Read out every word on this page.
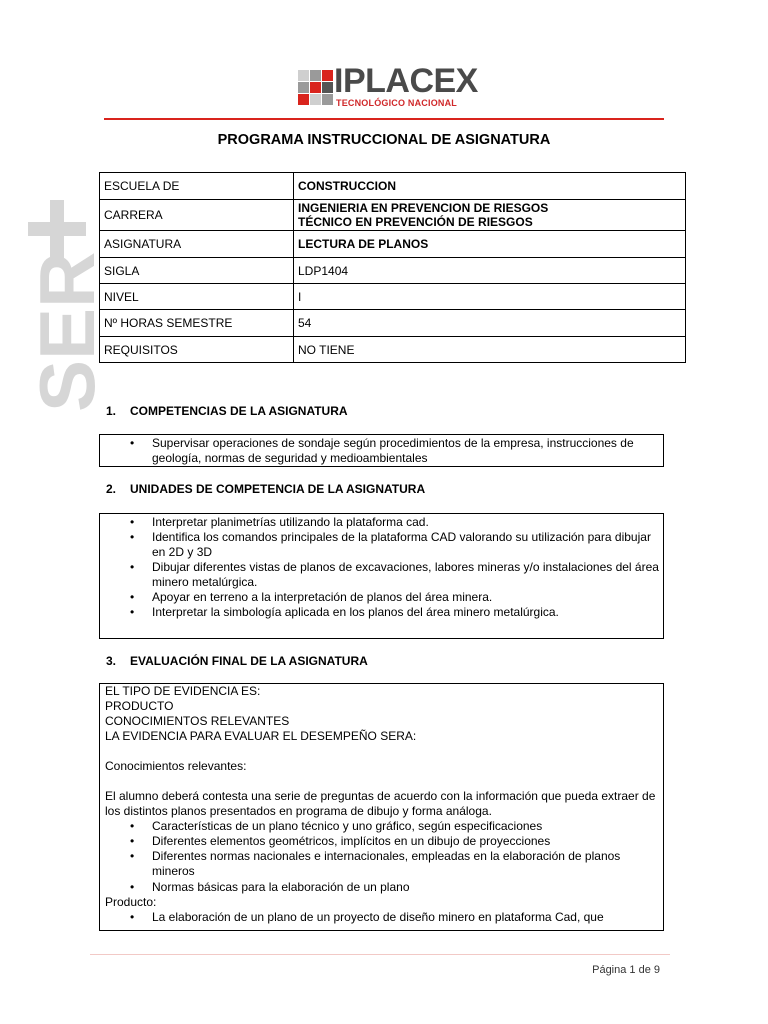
SER
IPLACEX
TECNOLÓGICO NACIONAL
PROGRAMA INSTRUCCIONAL DE ASIGNATURA
ESCUELA DE	CONSTRUCCION
CARRERA	INGENIERIA EN PREVENCION DE RIESGOS
TÉCNICO EN PREVENCIÓN DE RIESGOS

ASIGNATURA	LECTURA DE PLANOS
SIGLA	LDP1404
NIVEL	I
Nº HORAS SEMESTRE	54
REQUISITOS	NO TIENE
1. COMPETENCIAS DE LA ASIGNATURA
• Supervisar operaciones de sondaje según procedimientos de la empresa, instrucciones de geología, normas de seguridad y medioambientales
2. UNIDADES DE COMPETENCIA DE LA ASIGNATURA
• Interpretar planimetrías utilizando la plataforma cad.
• Identifica los comandos principales de la plataforma CAD valorando su utilización para dibujar en 2D y 3D
• Dibujar diferentes vistas de planos de excavaciones, labores mineras y/o instalaciones del área minero metalúrgica.
• Apoyar en terreno a la interpretación de planos del área minera.
• Interpretar la simbología aplicada en los planos del área minero metalúrgica.
3. EVALUACIÓN FINAL DE LA ASIGNATURA

EL TIPO DE EVIDENCIA ES:

PRODUCTO

CONOCIMIENTOS RELEVANTES

LA EVIDENCIA PARA EVALUAR EL DESEMPEÑO SERA:

Conocimientos relevantes:

El alumno deberá contesta una serie de preguntas de acuerdo con la información que pueda extraer de los distintos planos presentados en programa de dibujo y forma análoga.

• Características de un plano técnico y uno gráfico, según especificaciones
• Diferentes elementos geométricos, implícitos en un dibujo de proyecciones
• Diferentes normas nacionales e internacionales, empleadas en la elaboración de planos mineros
• Normas básicas para la elaboración de un plano

Producto:

• La elaboración de un plano de un proyecto de diseño minero en plataforma Cad, que
Página 1 de 9
